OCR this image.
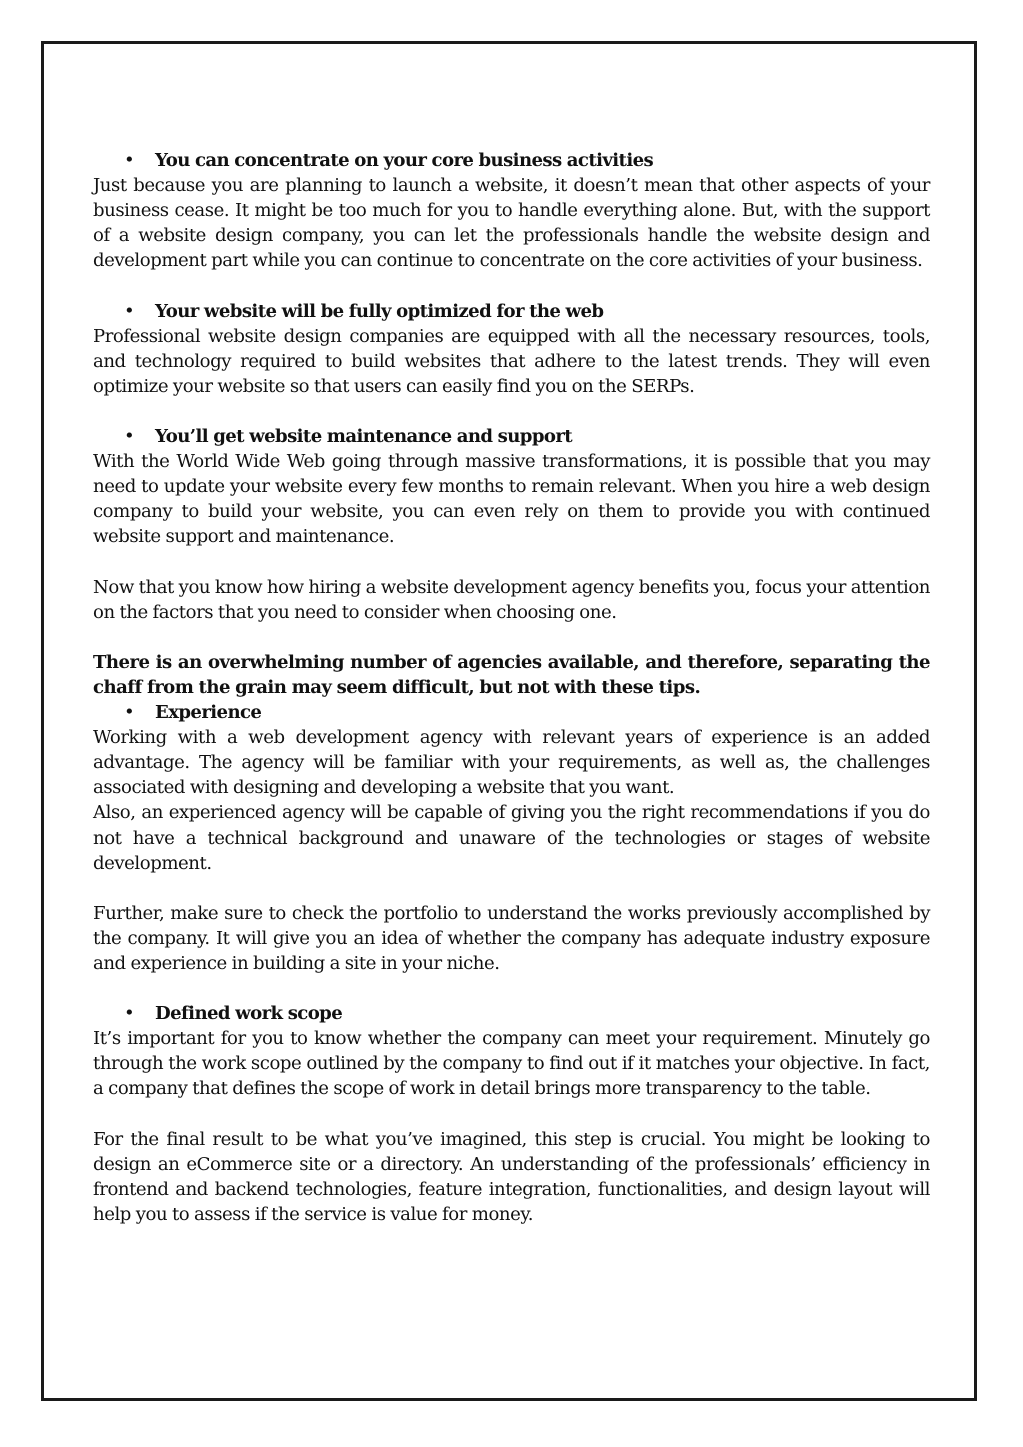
• You can concentrate on your core business activities
Just because you are planning to launch a website, it doesn’t mean that other aspects of your business cease. It might be too much for you to handle everything alone. But, with the support of a website design company, you can let the professionals handle the website design and development part while you can continue to concentrate on the core activities of your business.
• Your website will be fully optimized for the web
Professional website design companies are equipped with all the necessary resources, tools, and technology required to build websites that adhere to the latest trends. They will even optimize your website so that users can easily find you on the SERPs.
• You’ll get website maintenance and support
With the World Wide Web going through massive transformations, it is possible that you may need to update your website every few months to remain relevant. When you hire a web design company to build your website, you can even rely on them to provide you with continued website support and maintenance.
Now that you know how hiring a website development agency benefits you, focus your attention on the factors that you need to consider when choosing one.
There is an overwhelming number of agencies available, and therefore, separating the chaff from the grain may seem difficult, but not with these tips.
• Experience
Working with a web development agency with relevant years of experience is an added advantage. The agency will be familiar with your requirements, as well as, the challenges associated with designing and developing a website that you want.
Also, an experienced agency will be capable of giving you the right recommendations if you do not have a technical background and unaware of the technologies or stages of website development.
Further, make sure to check the portfolio to understand the works previously accomplished by the company. It will give you an idea of whether the company has adequate industry exposure and experience in building a site in your niche.
• Defined work scope
It’s important for you to know whether the company can meet your requirement. Minutely go through the work scope outlined by the company to find out if it matches your objective. In fact, a company that defines the scope of work in detail brings more transparency to the table.
For the final result to be what you’ve imagined, this step is crucial. You might be looking to design an eCommerce site or a directory. An understanding of the professionals’ efficiency in frontend and backend technologies, feature integration, functionalities, and design layout will help you to assess if the service is value for money.
